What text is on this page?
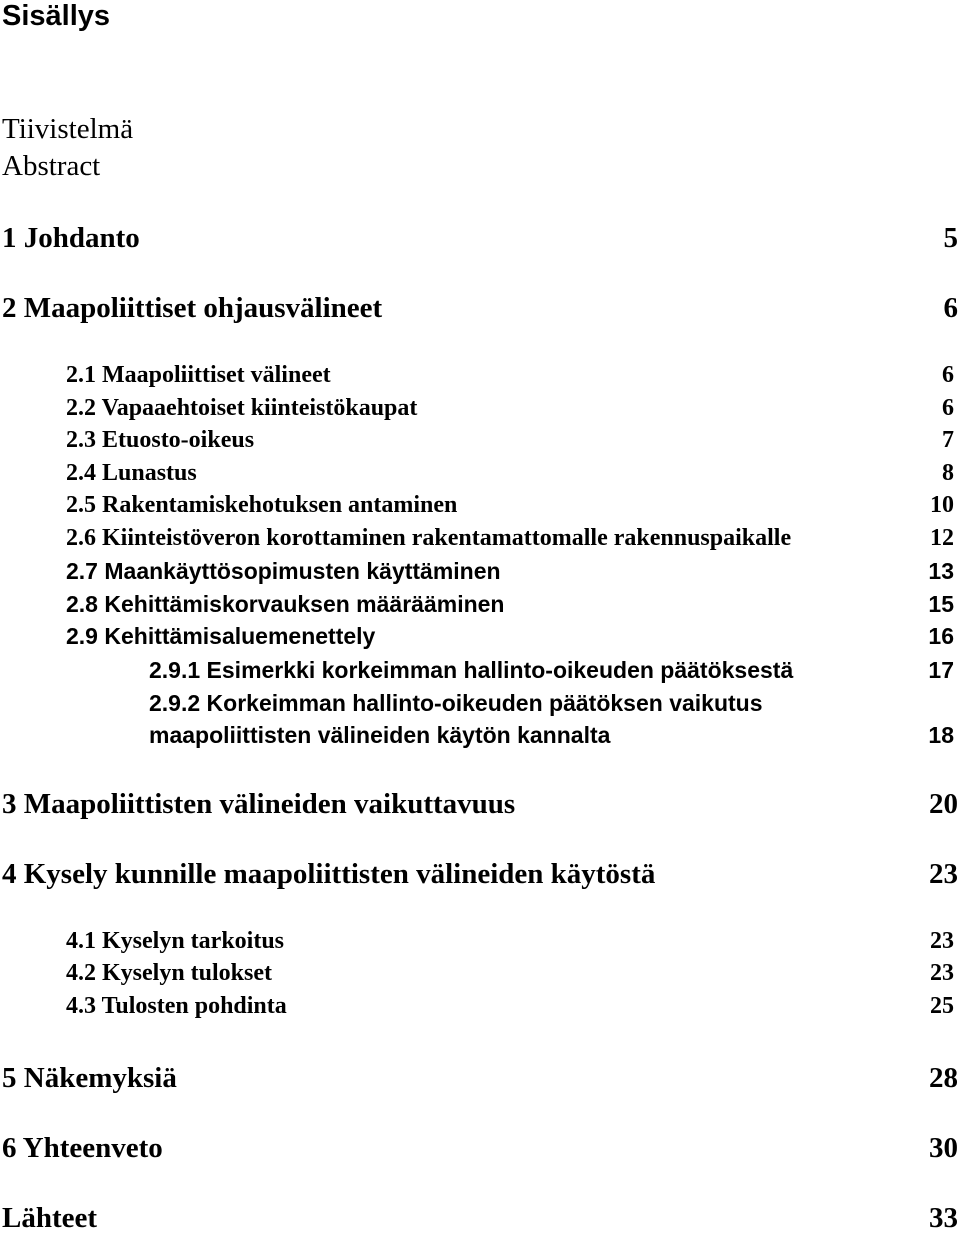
Sisällys
Tiivistelmä
Abstract
1 Johdanto	5
2 Maapoliittiset ohjausvälineet	6
2.1 Maapoliittiset välineet	6
2.2 Vapaaehtoiset kiinteistökaupat	6
2.3 Etuosto-oikeus	7
2.4 Lunastus	8
2.5 Rakentamiskehotuksen antaminen	10
2.6 Kiinteistöveron korottaminen rakentamattomalle rakennuspaikalle	12
2.7 Maankäyttösopimusten käyttäminen	13
2.8 Kehittämiskorvauksen määrääminen	15
2.9 Kehittämisaluemenettely	16
2.9.1 Esimerkki korkeimman hallinto-oikeuden päätöksestä	17
2.9.2 Korkeimman hallinto-oikeuden päätöksen vaikutus
maapoliittisten välineiden käytön kannalta	18
3 Maapoliittisten välineiden vaikuttavuus	20
4 Kysely kunnille maapoliittisten välineiden käytöstä	23
4.1 Kyselyn tarkoitus	23
4.2 Kyselyn tulokset	23
4.3 Tulosten pohdinta	25
5 Näkemyksiä	28
6 Yhteenveto	30
Lähteet	33
